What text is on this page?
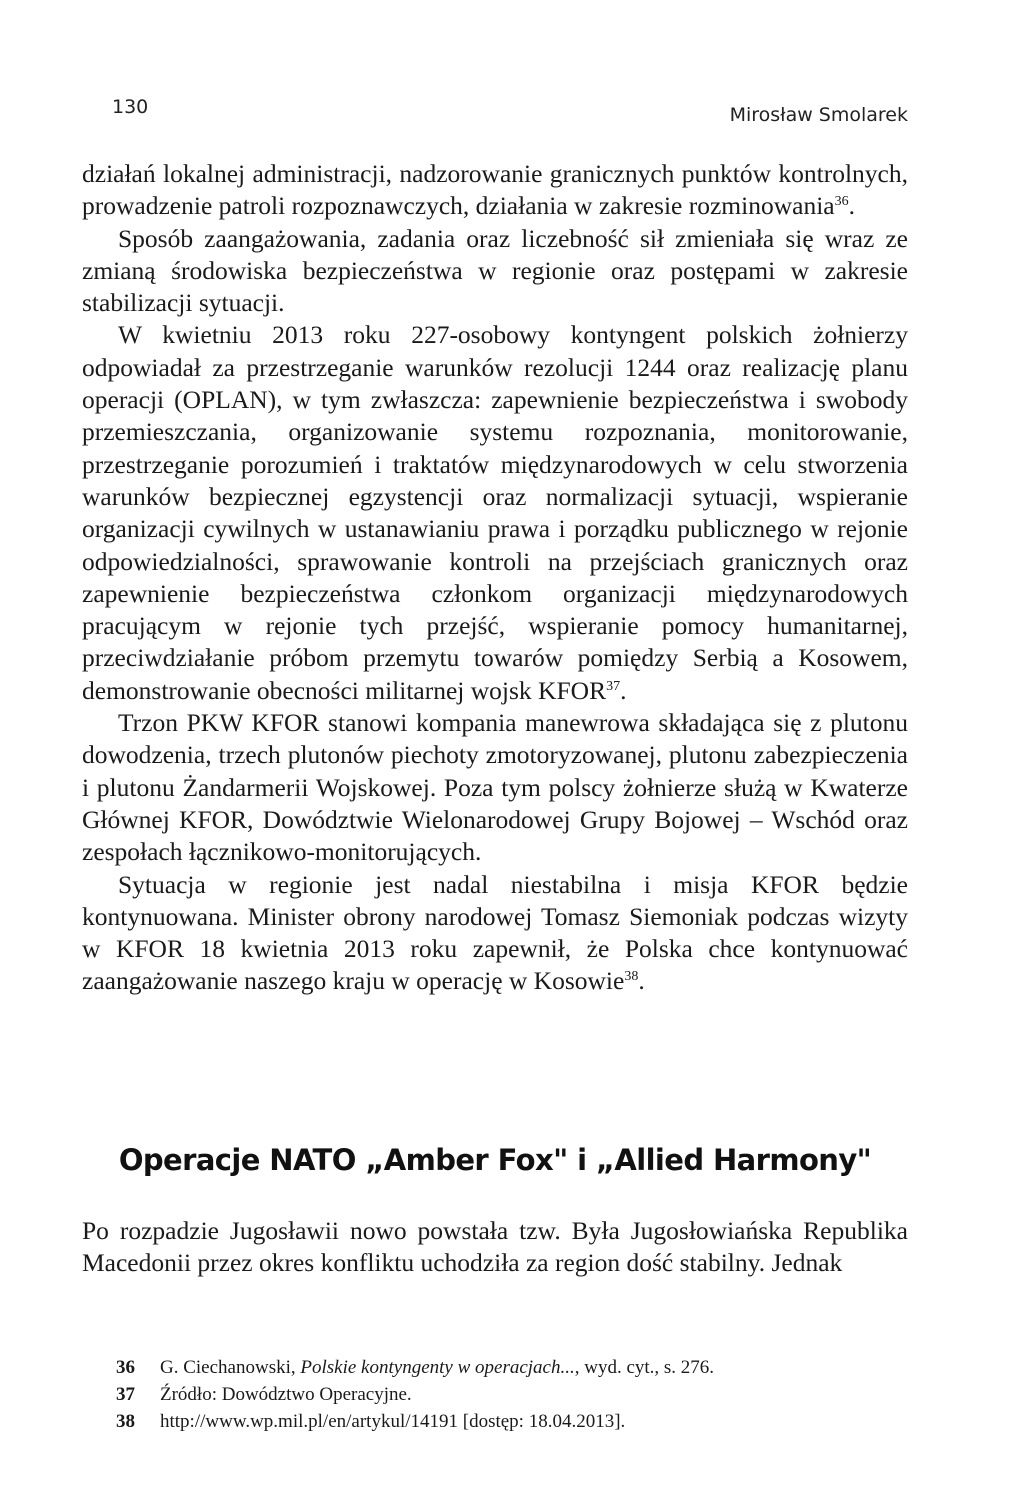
130	Mirosław Smolarek

działań lokalnej administracji, nadzorowanie granicznych punktów kontrolnych, prowadzenie patroli rozpoznawczych, działania w zakresie rozminowania$^{36}$.

Sposób zaangażowania, zadania oraz liczebność sił zmieniała się wraz ze zmianą środowiska bezpieczeństwa w regionie oraz postępami w zakresie stabilizacji sytuacji.

W kwietniu 2013 roku 227-osobowy kontyngent polskich żołnierzy odpowiadał za przestrzeganie warunków rezolucji 1244 oraz realizację planu operacji (OPLAN), w tym zwłaszcza: zapewnienie bezpieczeństwa i swobody przemieszczania, organizowanie systemu rozpoznania, monitorowanie, przestrzeganie porozumień i traktatów międzynarodowych w celu stworzenia warunków bezpiecznej egzystencji oraz normalizacji sytuacji, wspieranie organizacji cywilnych w ustanawianiu prawa i porządku publicznego w rejonie odpowiedzialności, sprawowanie kontroli na przejściach granicznych oraz zapewnienie bezpieczeństwa członkom organizacji międzynarodowych pracującym w rejonie tych przejść, wspieranie pomocy humanitarnej, przeciwdziałanie próbom przemytu towarów pomiędzy Serbią a Kosowem, demonstrowanie obecności militarnej wojsk KFOR$^{37}$.

Trzon PKW KFOR stanowi kompania manewrowa składająca się z plutonu dowodzenia, trzech plutonów piechoty zmotoryzowanej, plutonu zabezpieczenia i plutonu Żandarmerii Wojskowej. Poza tym polscy żołnierze służą w Kwaterze Głównej KFOR, Dowództwie Wielonarodowej Grupy Bojowej – Wschód oraz zespołach łącznikowo-monitorujących.

Sytuacja w regionie jest nadal niestabilna i misja KFOR będzie kontynuowana. Minister obrony narodowej Tomasz Siemoniak podczas wizyty w KFOR 18 kwietnia 2013 roku zapewnił, że Polska chce kontynuować zaangażowanie naszego kraju w operację w Kosowie$^{38}$.

Operacje NATO „Amber Fox" i „Allied Harmony"

Po rozpadzie Jugosławii nowo powstała tzw. Była Jugosłowiańska Republika Macedonii przez okres konfliktu uchodziła za region dość stabilny. Jednak

36	G. Ciechanowski, Polskie kontyngenty w operacjach..., wyd. cyt., s. 276.
37	Źródło: Dowództwo Operacyjne.
38	http://www.wp.mil.pl/en/artykul/14191 [dostęp: 18.04.2013].
